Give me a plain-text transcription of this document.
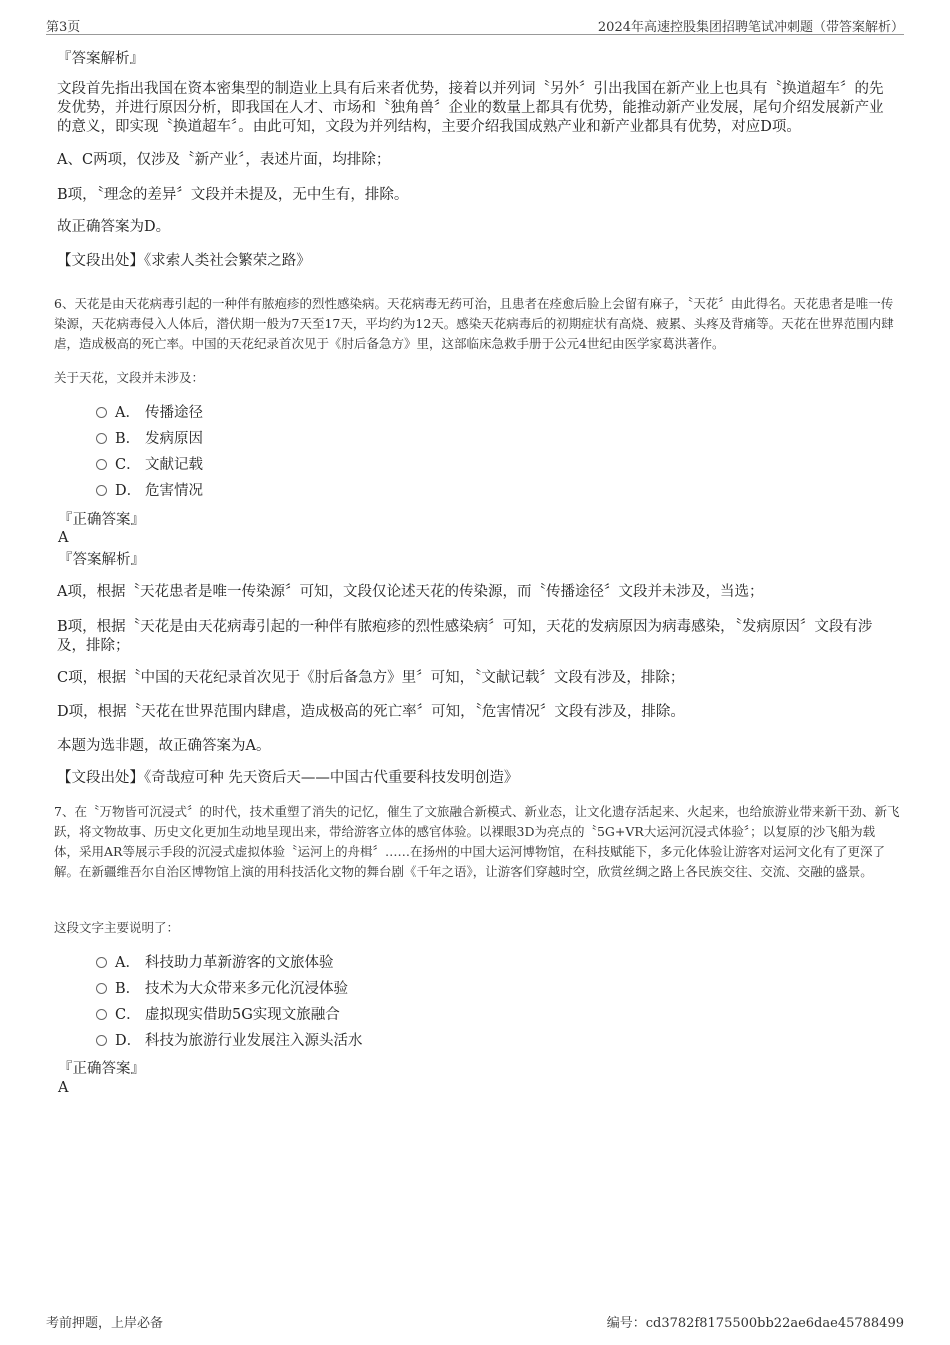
第3页	2024年高速控股集团招聘笔试冲刺题（带答案解析）
『答案解析』
文段首先指出我国在资本密集型的制造业上具有后来者优势，接着以并列词〝另外〞引出我国在新产业上也具有〝换道超车〞的先发优势，并进行原因分析，即我国在人才、市场和〝独角兽〞企业的数量上都具有优势，能推动新产业发展，尾句介绍发展新产业的意义，即实现〝换道超车〞。由此可知，文段为并列结构，主要介绍我国成熟产业和新产业都具有优势，对应D项。
A、C两项，仅涉及〝新产业〞，表述片面，均排除；
B项，〝理念的差异〞文段并未提及，无中生有，排除。
故正确答案为D。
【文段出处】《求索人类社会繁荣之路》
6、天花是由天花病毒引起的一种伴有脓疱疹的烈性感染病。天花病毒无药可治，且患者在痊愈后脸上会留有麻子，〝天花〞由此得名。天花患者是唯一传染源，天花病毒侵入人体后，潜伏期一般为7天至17天，平均约为12天。感染天花病毒后的初期症状有高烧、疲累、头疼及背痛等。天花在世界范围内肆虐，造成极高的死亡率。中国的天花纪录首次见于《肘后备急方》里，这部临床急救手册于公元4世纪由医学家葛洪著作。
关于天花，文段并未涉及：
A． 传播途径
B． 发病原因
C． 文献记载
D． 危害情况
『正确答案』
A
『答案解析』
A项，根据〝天花患者是唯一传染源〞可知，文段仅论述天花的传染源，而〝传播途径〞文段并未涉及，当选；
B项，根据〝天花是由天花病毒引起的一种伴有脓疱疹的烈性感染病〞可知，天花的发病原因为病毒感染，〝发病原因〞文段有涉及，排除；
C项，根据〝中国的天花纪录首次见于《肘后备急方》里〞可知，〝文献记载〞文段有涉及，排除；
D项，根据〝天花在世界范围内肆虐，造成极高的死亡率〞可知，〝危害情况〞文段有涉及，排除。
本题为选非题，故正确答案为A。
【文段出处】《奇哉痘可种 先天资后天——中国古代重要科技发明创造》
7、在〝万物皆可沉浸式〞的时代，技术重塑了消失的记忆，催生了文旅融合新模式、新业态，让文化遗存活起来、火起来，也给旅游业带来新干劲、新飞跃，将文物故事、历史文化更加生动地呈现出来，带给游客立体的感官体验。以裸眼3D为亮点的〝5G+VR大运河沉浸式体验〞；以复原的沙飞船为载体，采用AR等展示手段的沉浸式虚拟体验〝运河上的舟楫〞……在扬州的中国大运河博物馆，在科技赋能下，多元化体验让游客对运河文化有了更深了解。在新疆维吾尔自治区博物馆上演的用科技活化文物的舞台剧《千年之语》，让游客们穿越时空，欣赏丝绸之路上各民族交往、交流、交融的盛景。
这段文字主要说明了：
A． 科技助力革新游客的文旅体验
B． 技术为大众带来多元化沉浸体验
C． 虚拟现实借助5G实现文旅融合
D． 科技为旅游行业发展注入源头活水
『正确答案』
A
考前押题，上岸必备	编号：cd3782f8175500bb22ae6dae45788499
